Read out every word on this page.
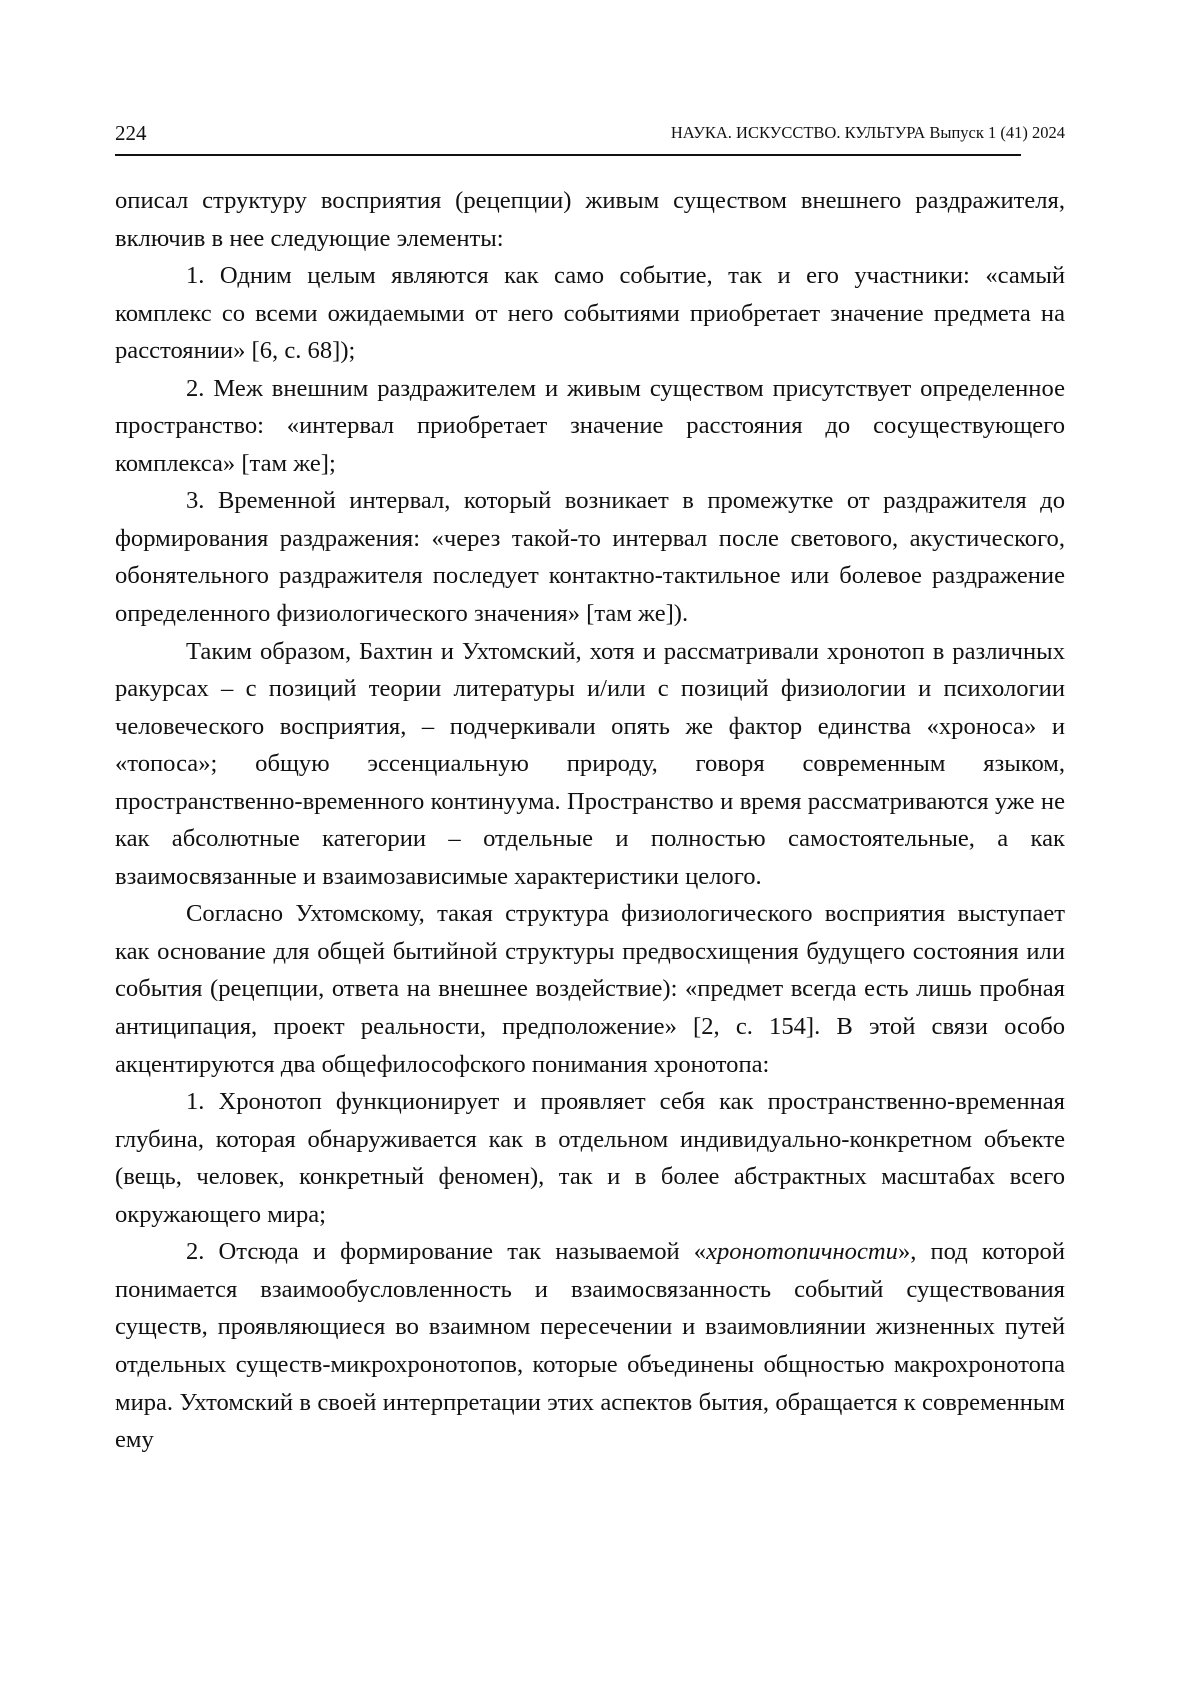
224	НАУКА. ИСКУССТВО. КУЛЬТУРА Выпуск 1 (41) 2024

описал структуру восприятия (рецепции) живым существом внешнего раздражителя, включив в нее следующие элементы:

1. Одним целым являются как само событие, так и его участники: «самый комплекс со всеми ожидаемыми от него событиями приобретает значение предмета на расстоянии» [6, с. 68]);

2. Меж внешним раздражителем и живым существом присутствует определенное пространство: «интервал приобретает значение расстояния до сосуществующего комплекса» [там же];

3. Временной интервал, который возникает в промежутке от раздражителя до формирования раздражения: «через такой-то интервал после светового, акустического, обонятельного раздражителя последует контактно-тактильное или болевое раздражение определенного физиологического значения» [там же]).

Таким образом, Бахтин и Ухтомский, хотя и рассматривали хронотоп в различных ракурсах – с позиций теории литературы и/или с позиций физиологии и психологии человеческого восприятия, – подчеркивали опять же фактор единства «хроноса» и «топоса»; общую эссенциальную природу, говоря современным языком, пространственно-временного континуума. Пространство и время рассматриваются уже не как абсолютные категории – отдельные и полностью самостоятельные, а как взаимосвязанные и взаимозависимые характеристики целого.

Согласно Ухтомскому, такая структура физиологического восприятия выступает как основание для общей бытийной структуры предвосхищения будущего состояния или события (рецепции, ответа на внешнее воздействие): «предмет всегда есть лишь пробная антиципация, проект реальности, предположение» [2, с. 154]. В этой связи особо акцентируются два общефилософского понимания хронотопа:

1. Хронотоп функционирует и проявляет себя как пространственно-временная глубина, которая обнаруживается как в отдельном индивидуально-конкретном объекте (вещь, человек, конкретный феномен), так и в более абстрактных масштабах всего окружающего мира;

2. Отсюда и формирование так называемой «хронотопичности», под которой понимается взаимообусловленность и взаимосвязанность событий существования существ, проявляющиеся во взаимном пересечении и взаимовлиянии жизненных путей отдельных существ-микрохронотопов, которые объединены общностью макрохронотопа мира. Ухтомский в своей интерпретации этих аспектов бытия, обращается к современным ему
